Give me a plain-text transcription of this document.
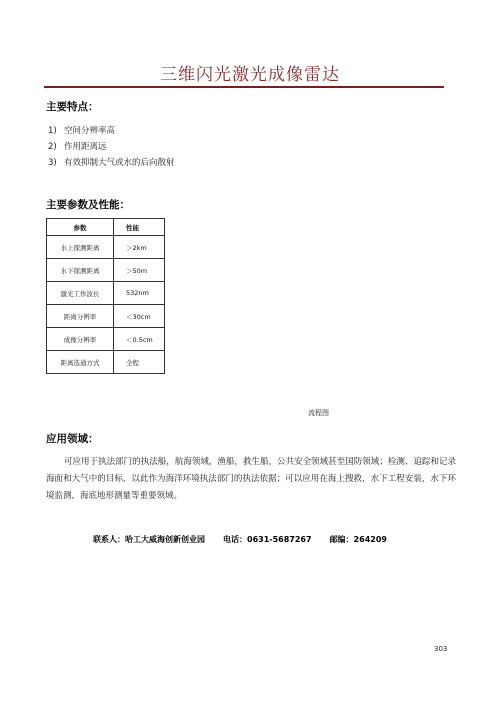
三维闪光激光成像雷达
主要特点：
1) 空间分辨率高
2) 作用距离远
3) 有效抑制大气或水的后向散射
主要参数及性能：
参数	性能
水上探测距离	＞2km
水下探测距离	＞50m
激光工作波长	532nm
距离分辨率	＜30cm
成像分辨率	＜0.5cm
距离选通方式	全程
流程图
应用领域：
可应用于执法部门的执法船，航海领域，渔船，救生船，公共安全领域甚至国防领域；检测、追踪和记录海面和大气中的目标，以此作为海洋环境执法部门的执法依据；可以应用在海上搜救，水下工程安装，水下环境监测，海底地形测量等重要领域。
联系人：哈工大威海创新创业园 电话：0631-5687267 邮编：264209
303
